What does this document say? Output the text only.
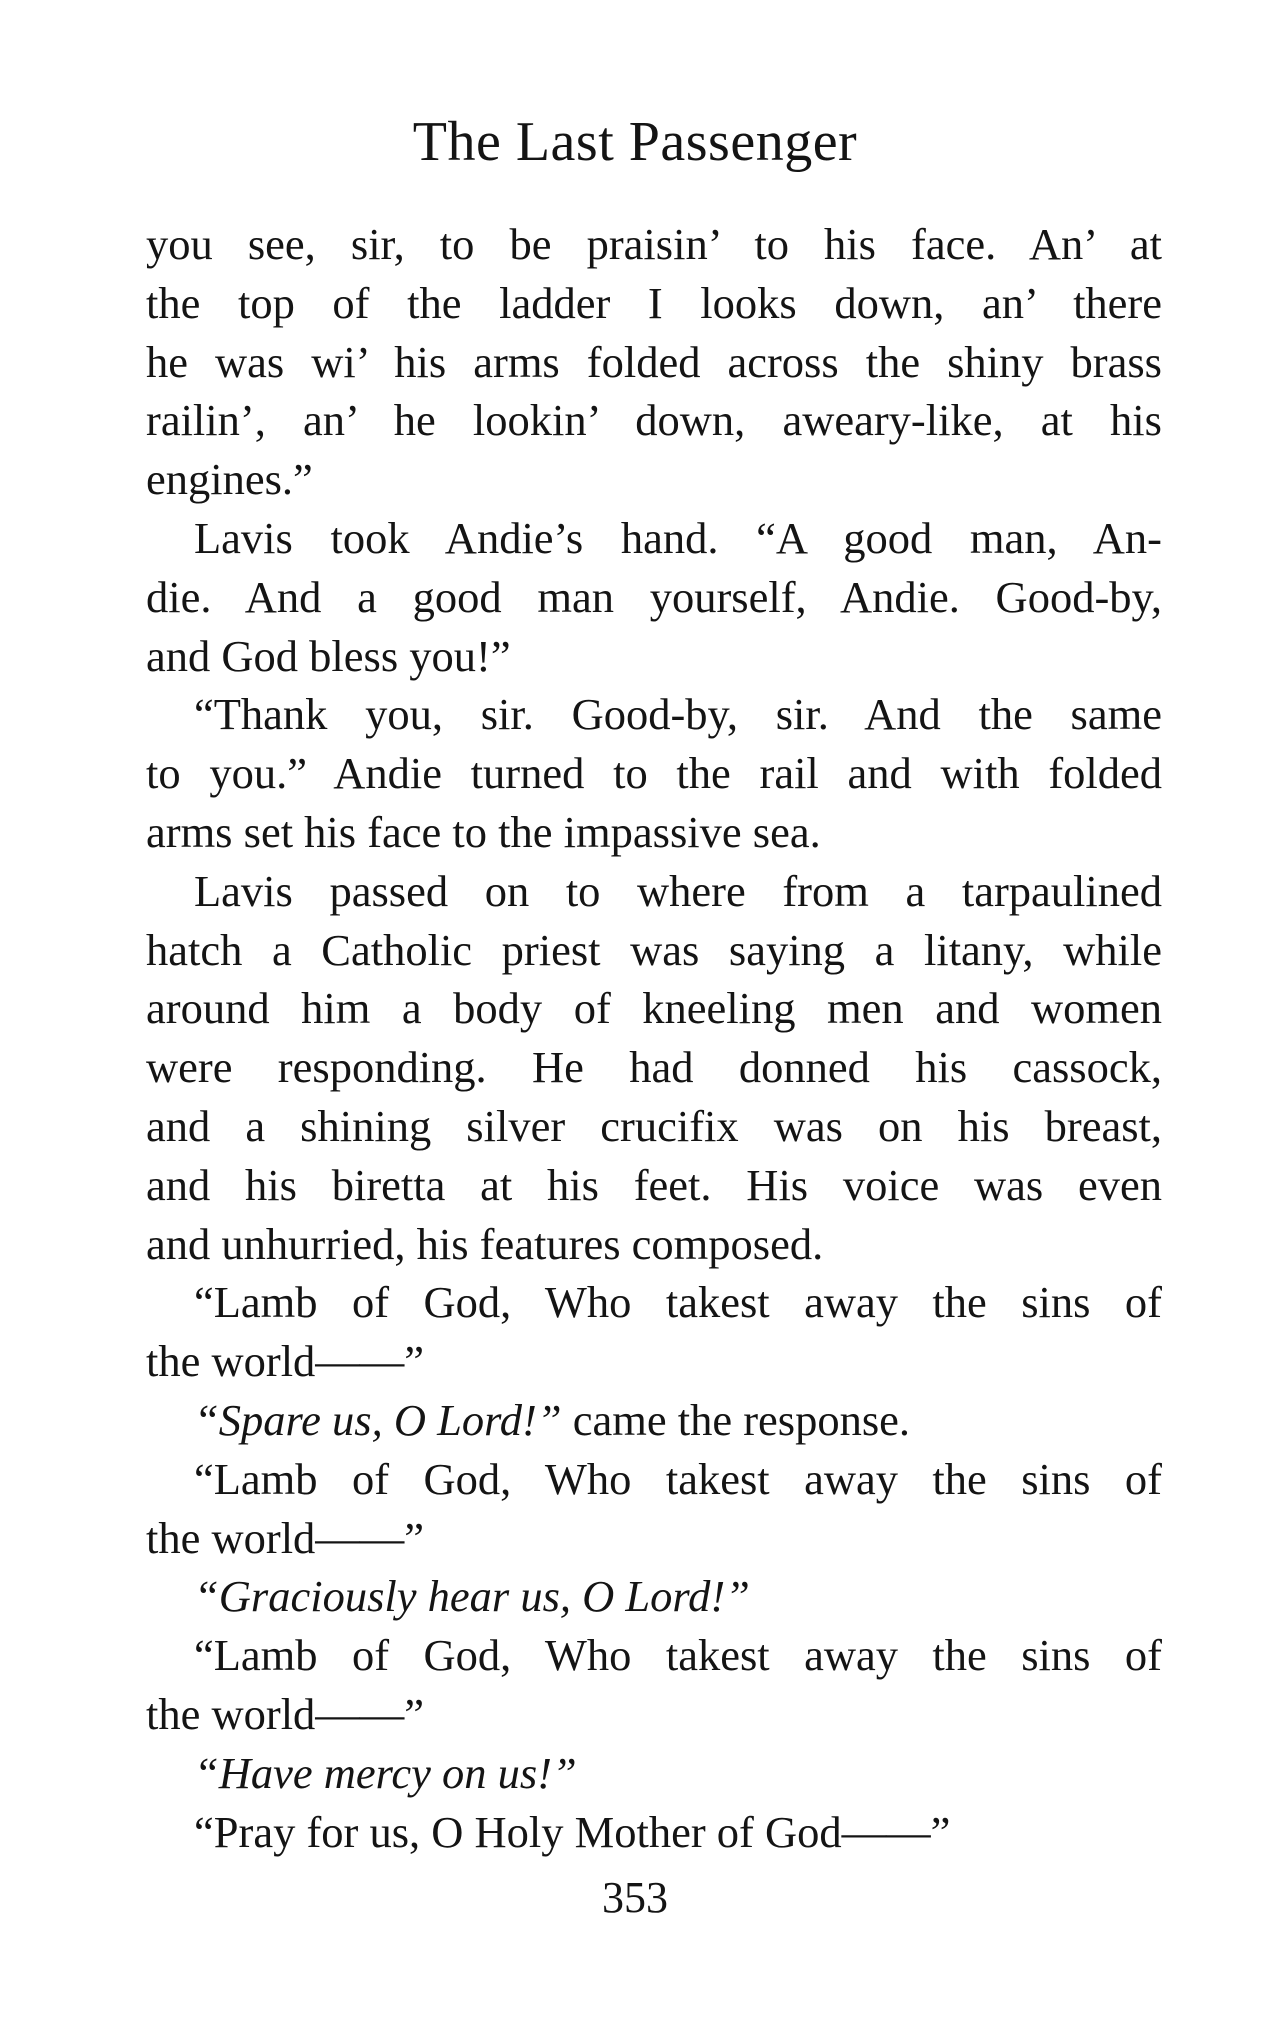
The Last Passenger
you see, sir, to be praisin’ to his face. An’ at
the top of the ladder I looks down, an’ there
he was wi’ his arms folded across the shiny brass
railin’, an’ he lookin’ down, aweary-like, at his
engines.”
Lavis took Andie’s hand. “A good man, An-
die. And a good man yourself, Andie. Good-by,
and God bless you!”
“Thank you, sir. Good-by, sir. And the same
to you.” Andie turned to the rail and with folded
arms set his face to the impassive sea.
Lavis passed on to where from a tarpaulined
hatch a Catholic priest was saying a litany, while
around him a body of kneeling men and women
were responding. He had donned his cassock,
and a shining silver crucifix was on his breast,
and his biretta at his feet. His voice was even
and unhurried, his features composed.
“Lamb of God, Who takest away the sins of
the world——”
“Spare us, O Lord!” came the response.
“Lamb of God, Who takest away the sins of
the world——”
“Graciously hear us, O Lord!”
“Lamb of God, Who takest away the sins of
the world——”
“Have mercy on us!”
“Pray for us, O Holy Mother of God——”
353
